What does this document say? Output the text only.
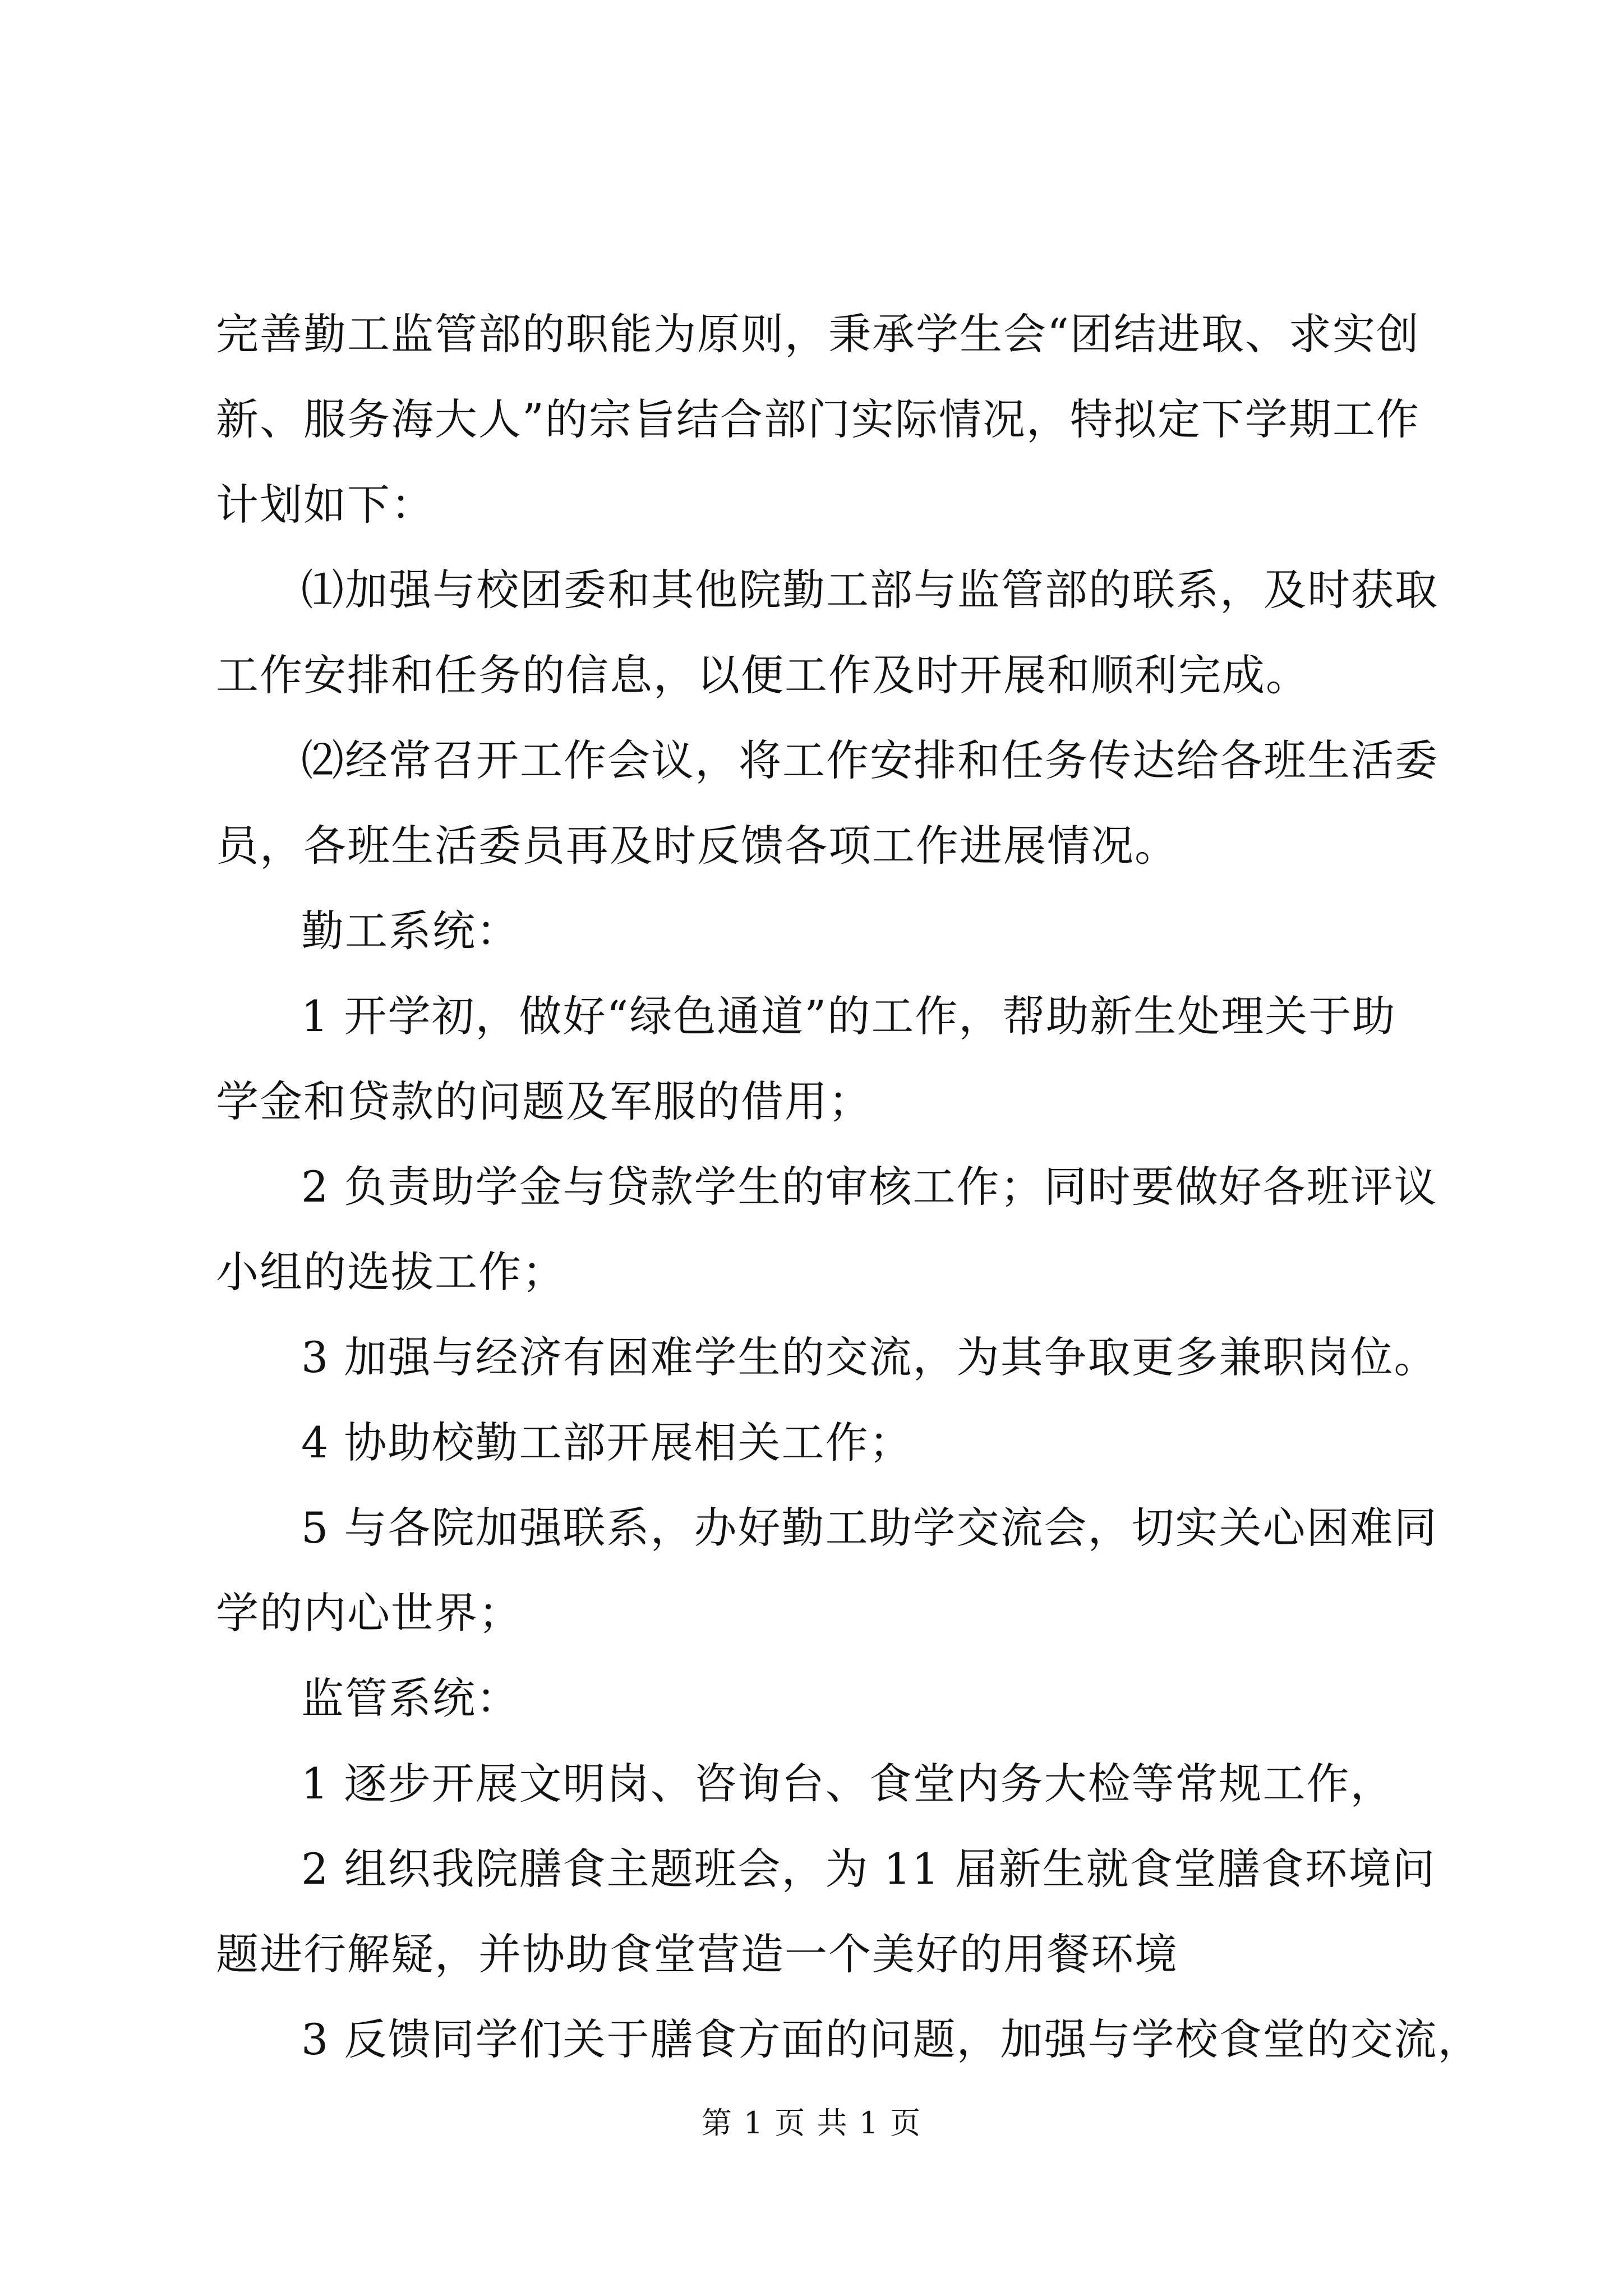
完善勤工监管部的职能为原则，秉承学生会“团结进取、求实创
新、服务海大人”的宗旨结合部门实际情况，特拟定下学期工作
计划如下：
⑴加强与校团委和其他院勤工部与监管部的联系，及时获取
工作安排和任务的信息，以便工作及时开展和顺利完成。
⑵经常召开工作会议，将工作安排和任务传达给各班生活委
员，各班生活委员再及时反馈各项工作进展情况。
勤工系统：
1 开学初，做好“绿色通道”的工作，帮助新生处理关于助
学金和贷款的问题及军服的借用；
2 负责助学金与贷款学生的审核工作；同时要做好各班评议
小组的选拔工作；
3 加强与经济有困难学生的交流，为其争取更多兼职岗位。
4 协助校勤工部开展相关工作；
5 与各院加强联系，办好勤工助学交流会，切实关心困难同
学的内心世界；
监管系统：
1 逐步开展文明岗、咨询台、食堂内务大检等常规工作，
2 组织我院膳食主题班会，为 11 届新生就食堂膳食环境问
题进行解疑，并协助食堂营造一个美好的用餐环境
3 反馈同学们关于膳食方面的问题，加强与学校食堂的交流，
第 1 页 共 1 页
